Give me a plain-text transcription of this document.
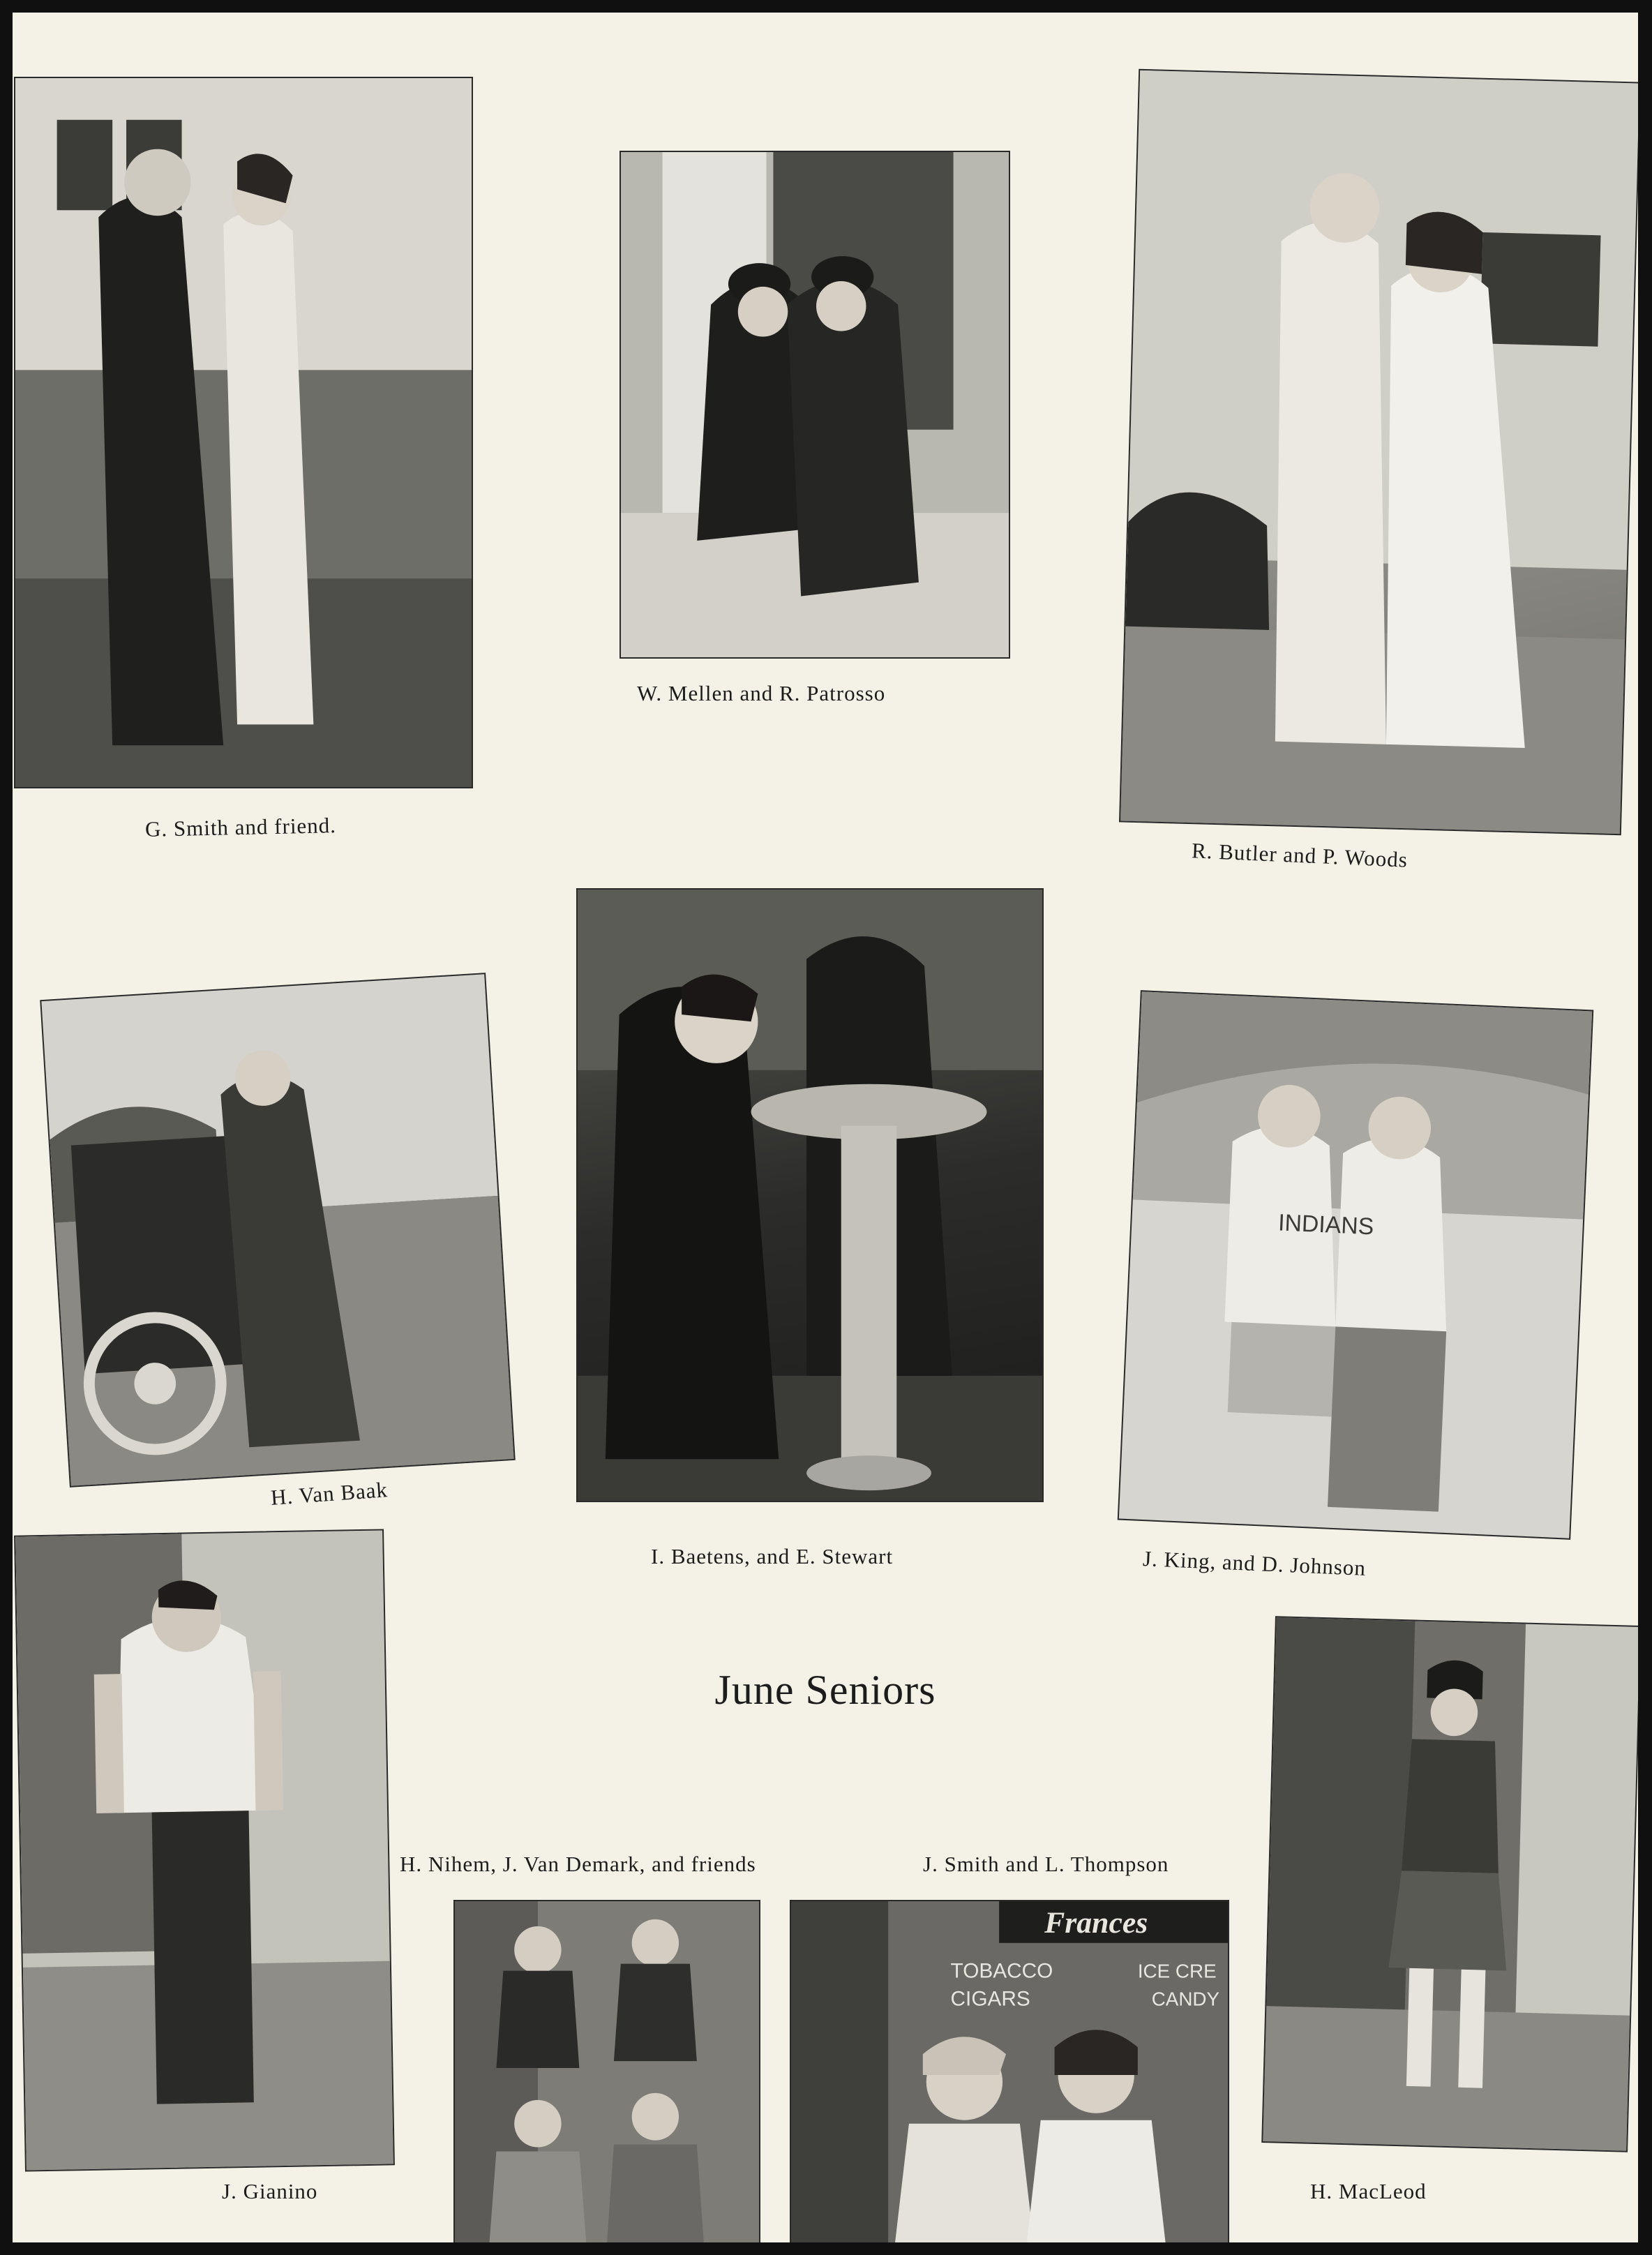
G. Smith and friend.
W. Mellen and R. Patrosso
R. Butler and P. Woods
H. Van Baak
I. Baetens, and E. Stewart
INDIANS
J. King, and D. Johnson
J. Gianino
June Seniors
H. Nihem, J. Van Demark, and friends	J. Smith and L. Thompson
Frances
TOBACCO
CIGARS
ICE CRE
CANDY
H. MacLeod
